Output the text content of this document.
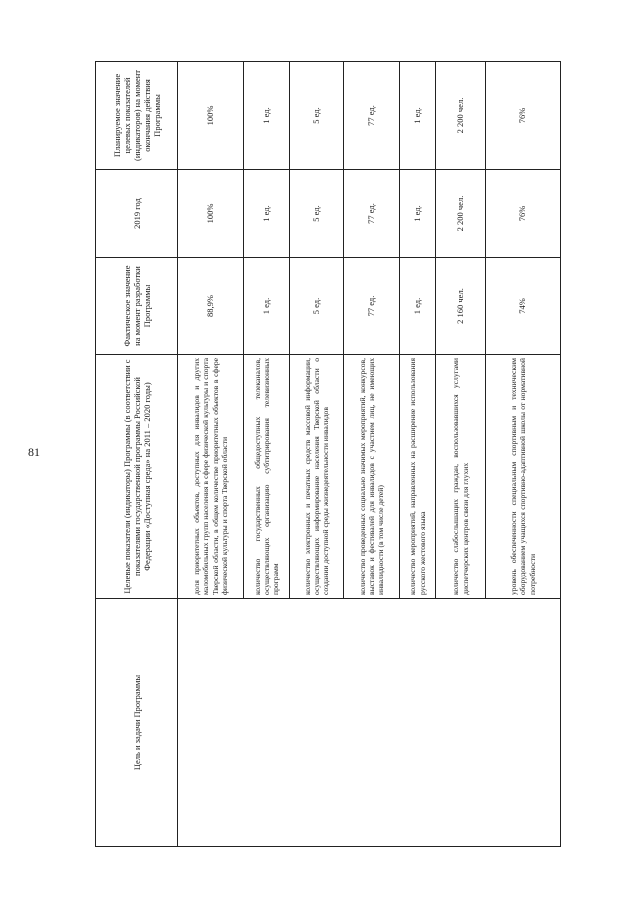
81
Цель и задачи Программы	Целевые показатели (индикаторы) Программы (в соответствии с показателями государственной программы Российской Федерации «Доступная среда» на 2011 – 2020 годы)	Фактическое значение на момент разработки Программы	2019 год	Планируемое значение целевых показателей (индикаторов) на момент окончания действия Программы
	доля приоритетных объектов, доступных для инвалидов и других маломобильных групп населения в сфере физической культуры и спорта Тверской области, в общем количестве приоритетных объектов в сфере физической культуры и спорта Тверской области	88,9%	100%	100%
	количество государственных общедоступных телеканалов, осуществляющих организацию субтитрирования телевизионных программ	1 ед.	1 ед.	1 ед.
	количество электронных и печатных средств массовой информации, осуществляющих информирование населения Тверской области о создании доступной среды жизнедеятельности инвалидов	5 ед.	5 ед.	5 ед.
	количество проведенных социально значимых мероприятий, конкурсов, выставок и фестивалей для инвалидов с участием лиц, не имеющих инвалидности (в том числе детей)	77 ед.	77 ед.	77 ед.
	количество мероприятий, направленных на расширение использования русского жестового языка	1 ед.	1 ед.	1 ед.
	количество слабослышащих граждан, воспользовавшихся услугами диспетчерских центров связи для глухих	2 160 чел.	2 200 чел.	2 200 чел.
	уровень обеспеченности специальным спортивным и техническим оборудованием учащихся спортивно-адаптивной школы от нормативной потребности	74%	76%	76%
